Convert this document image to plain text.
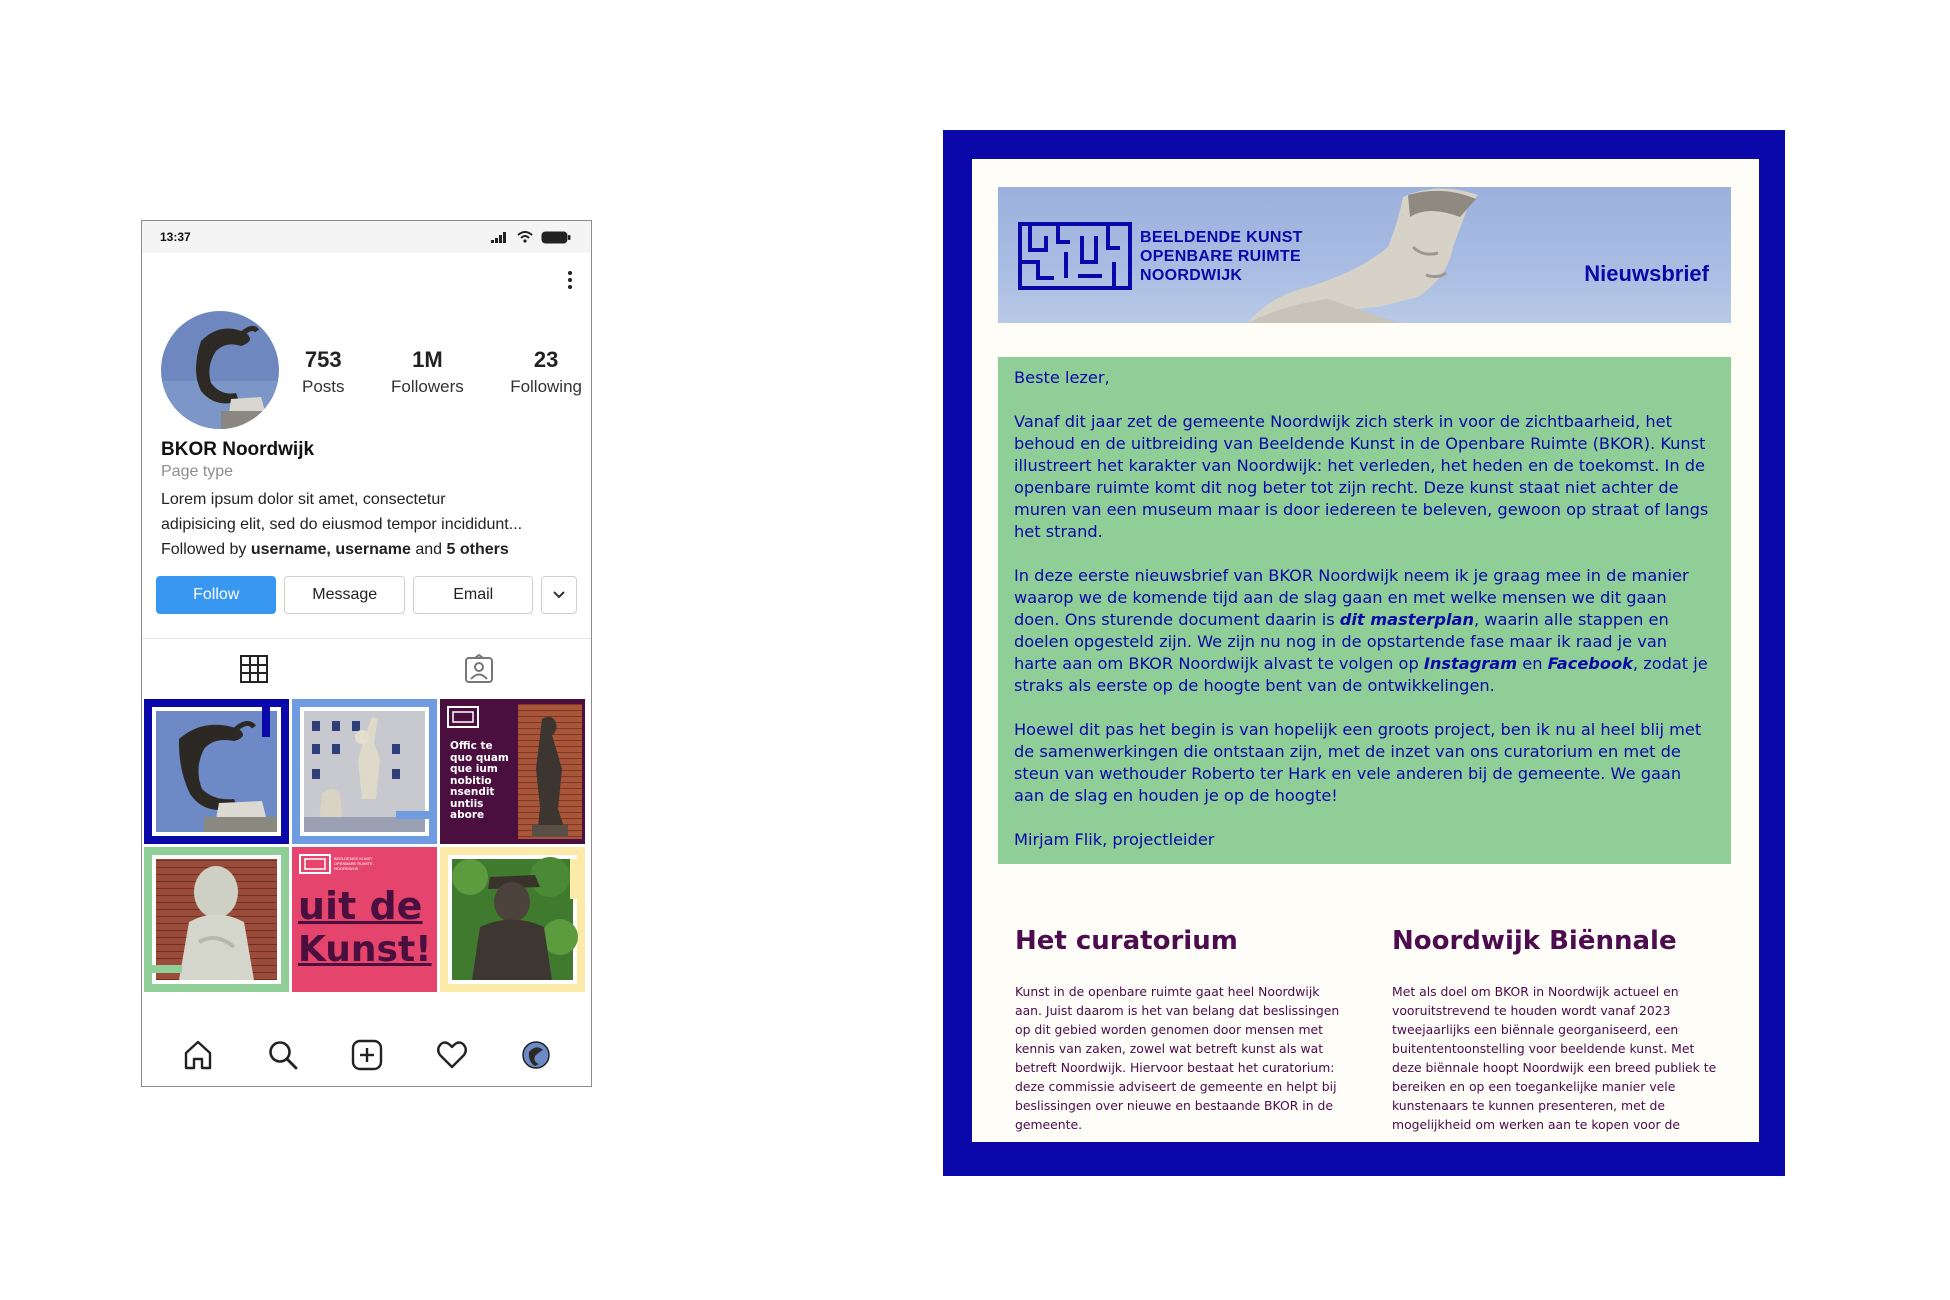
13:37
753
Posts
1M
Followers
23
Following
BKOR Noordwijk
Page type
Lorem ipsum dolor sit amet, consectetur
adipisicing elit, sed do eiusmod tempor incididunt...
Followed by username, username and 5 others
Follow	Message	Email
Offic te quo quam que ium nobitio nsendit untiis abore
BEELDENDE KUNST OPENBARE RUIMTE NOORDWIJK
uit de
Kunst!
BEELDENDE KUNST
OPENBARE RUIMTE
NOORDWIJK	Nieuwsbrief

Beste lezer,

Vanaf dit jaar zet de gemeente Noordwijk zich sterk in voor de zichtbaarheid, het behoud en de uitbreiding van Beeldende Kunst in de Openbare Ruimte (BKOR). Kunst illustreert het karakter van Noordwijk: het verleden, het heden en de toekomst. In de openbare ruimte komt dit nog beter tot zijn recht. Deze kunst staat niet achter de muren van een museum maar is door iedereen te beleven, gewoon op straat of langs het strand.

In deze eerste nieuwsbrief van BKOR Noordwijk neem ik je graag mee in de manier waarop we de komende tijd aan de slag gaan en met welke mensen we dit gaan doen. Ons sturende document daarin is dit masterplan, waarin alle stappen en doelen opgesteld zijn. We zijn nu nog in de opstartende fase maar ik raad je van harte aan om BKOR Noordwijk alvast te volgen op Instagram en Facebook, zodat je straks als eerste op de hoogte bent van de ontwikkelingen.

Hoewel dit pas het begin is van hopelijk een groots project, ben ik nu al heel blij met de samenwerkingen die ontstaan zijn, met de inzet van ons curatorium en met de steun van wethouder Roberto ter Hark en vele anderen bij de gemeente. We gaan aan de slag en houden je op de hoogte!

Mirjam Flik, projectleider

Het curatorium

Kunst in de openbare ruimte gaat heel Noordwijk aan. Juist daarom is het van belang dat beslissingen op dit gebied worden genomen door mensen met kennis van zaken, zowel wat betreft kunst als wat betreft Noordwijk. Hiervoor bestaat het curatorium: deze commissie adviseert de gemeente en helpt bij beslissingen over nieuwe en bestaande BKOR in de gemeente.

Noordwijk Biënnale

Met als doel om BKOR in Noordwijk actueel en vooruitstrevend te houden wordt vanaf 2023 tweejaarlijks een biënnale georganiseerd, een buitententoonstelling voor beeldende kunst. Met deze biënnale hoopt Noordwijk een breed publiek te bereiken en op een toegankelijke manier vele kunstenaars te kunnen presenteren, met de mogelijkheid om werken aan te kopen voor de
